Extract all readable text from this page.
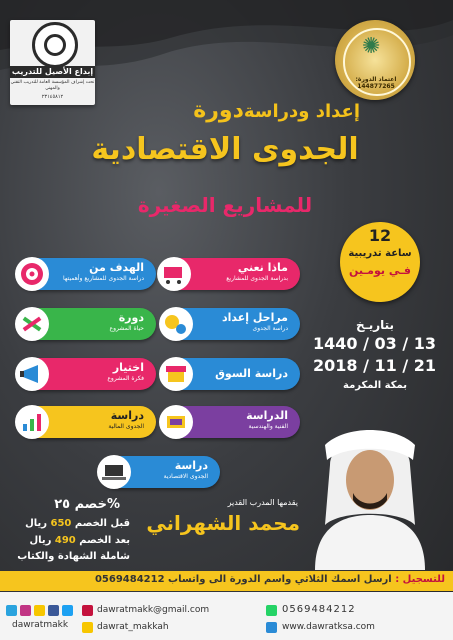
إبداع الأصيل للتدريب
تحت إشراف المؤسسة العامة للتدريب التقني والمهني
٢٣١٤٥٨١٢
✺
اعتماد الدورة: 144877265
إعداد ودراسةدورة
الجدوى الاقتصادية
للمشاريع الصغيرة
12
ساعة تدريبية
فـي يومـين
بتاريـخ
1440 / 03 / 13
2018 / 11 / 21
بمكة المكرمة
ماذا نعني
بدراسة الجدوى للمشاريع
الهدف من
دراسة الجدوى للمشاريع وأهميتها
مراحل إعداد
دراسة الجدوى
دورة
حياة المشروع
دراسة السوق
اختيار
فكرة المشروع
الدراسة
الفنية والهندسية
دراسة
الجدوى المالية
دراسة
الجدوى الاقتصادية
خصم ٢٥%
قبل الخصم 650 ريال
بعد الخصم 490 ريال
شاملة الشهادة والكتاب
يقدمها المدرب القدير
محمد الشهراني
للتسجيل : ارسل اسمك الثلاثي واسم الدورة الى واتساب 0569484212
dawratmakk
dawratmakk@gmail.com
dawrat_makkah
0569484212
www.dawratksa.com
